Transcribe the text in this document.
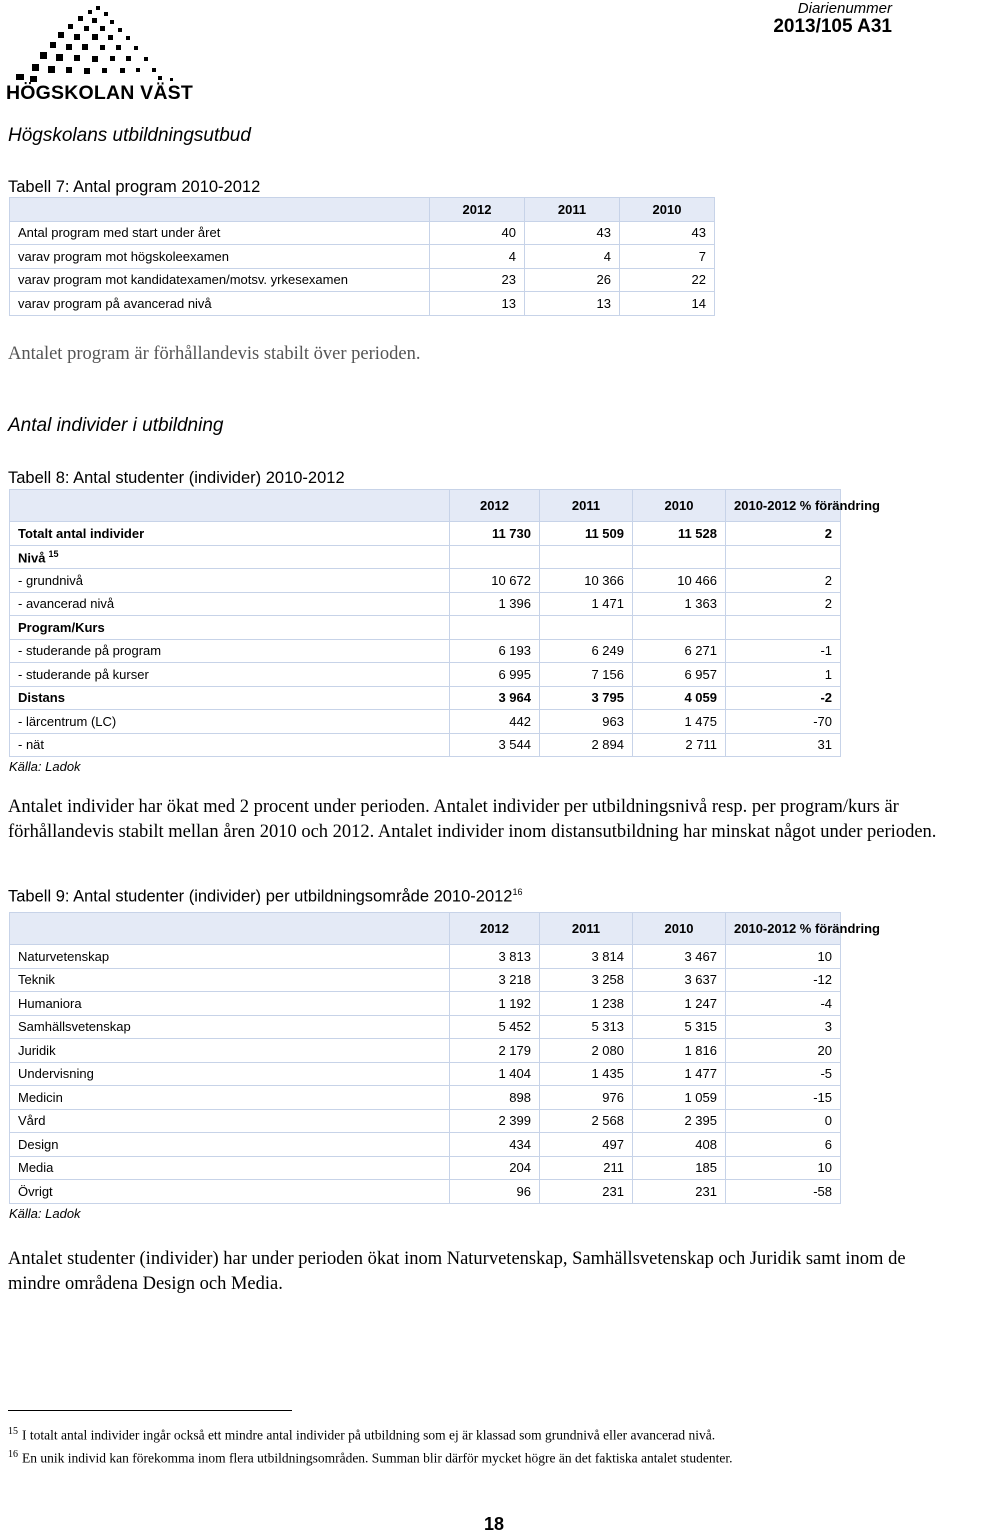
HÖGSKOLAN VÄST
Diarienummer
2013/105 A31
Högskolans utbildningsutbud
Tabell 7: Antal program 2010-2012
	2012	2011	2010
Antal program med start under året	40	43	43
varav program mot högskoleexamen	4	4	7
varav program mot kandidatexamen/motsv. yrkesexamen	23	26	22
varav program på avancerad nivå	13	13	14
Antalet program är förhållandevis stabilt över perioden.
Antal individer i utbildning
Tabell 8: Antal studenter (individer) 2010-2012
	2012	2011	2010	2010-2012 % förändring
Totalt antal individer	11 730	11 509	11 528	2
Nivå $^{15}$				
- grundnivå	10 672	10 366	10 466	2
- avancerad nivå	1 396	1 471	1 363	2
Program/Kurs				
- studerande på program	6 193	6 249	6 271	-1
- studerande på kurser	6 995	7 156	6 957	1
Distans	3 964	3 795	4 059	-2
- lärcentrum (LC)	442	963	1 475	-70
- nät	3 544	2 894	2 711	31
Källa: Ladok
Antalet individer har ökat med 2 procent under perioden. Antalet individer per utbildningsnivå resp. per program/kurs är förhållandevis stabilt mellan åren 2010 och 2012. Antalet individer inom distansutbildning har minskat något under perioden.
Tabell 9: Antal studenter (individer) per utbildningsområde 2010-2012$^{16}$
	2012	2011	2010	2010-2012 % förändring
Naturvetenskap	3 813	3 814	3 467	10
Teknik	3 218	3 258	3 637	-12
Humaniora	1 192	1 238	1 247	-4
Samhällsvetenskap	5 452	5 313	5 315	3
Juridik	2 179	2 080	1 816	20
Undervisning	1 404	1 435	1 477	-5
Medicin	898	976	1 059	-15
Vård	2 399	2 568	2 395	0
Design	434	497	408	6
Media	204	211	185	10
Övrigt	96	231	231	-58
Källa: Ladok
Antalet studenter (individer) har under perioden ökat inom Naturvetenskap, Samhällsvetenskap och Juridik samt inom de mindre områdena Design och Media.
$^{15}$ I totalt antal individer ingår också ett mindre antal individer på utbildning som ej är klassad som grundnivå eller avancerad nivå.
$^{16}$ En unik individ kan förekomma inom flera utbildningsområden. Summan blir därför mycket högre än det faktiska antalet studenter.
18
